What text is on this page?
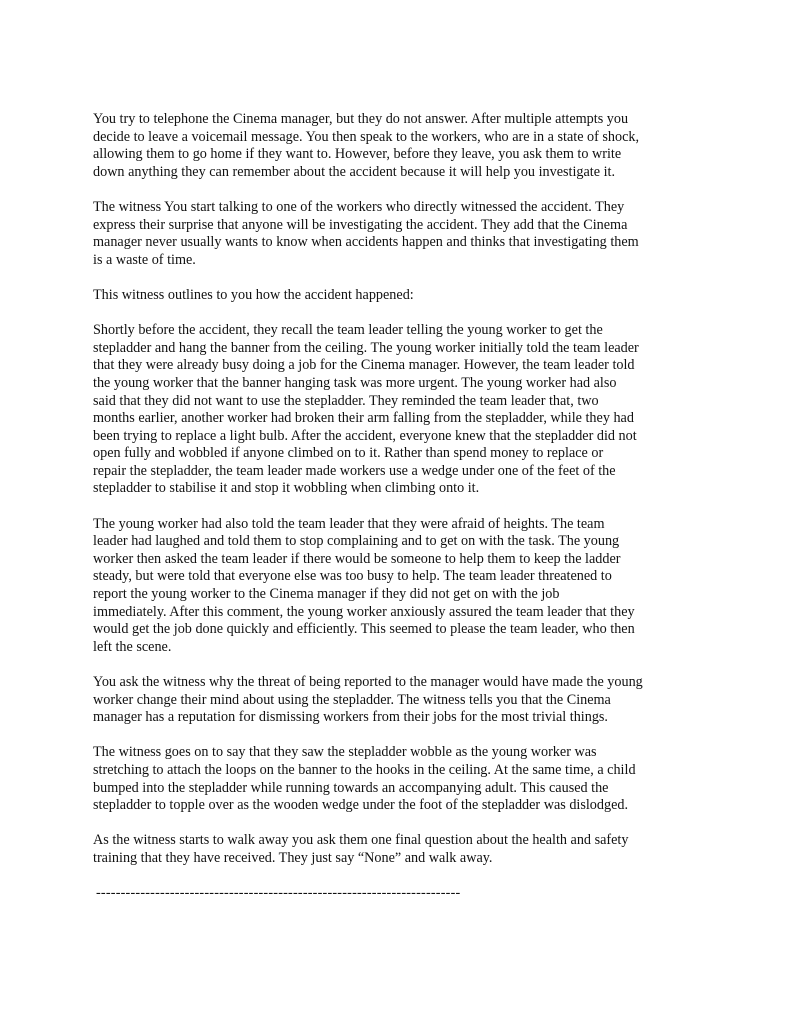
You try to telephone the Cinema manager, but they do not answer. After multiple attempts you
decide to leave a voicemail message. You then speak to the workers, who are in a state of shock,
allowing them to go home if they want to. However, before they leave, you ask them to write
down anything they can remember about the accident because it will help you investigate it.

The witness You start talking to one of the workers who directly witnessed the accident. They
express their surprise that anyone will be investigating the accident. They add that the Cinema
manager never usually wants to know when accidents happen and thinks that investigating them
is a waste of time.

This witness outlines to you how the accident happened:

Shortly before the accident, they recall the team leader telling the young worker to get the
stepladder and hang the banner from the ceiling. The young worker initially told the team leader
that they were already busy doing a job for the Cinema manager. However, the team leader told
the young worker that the banner hanging task was more urgent. The young worker had also
said that they did not want to use the stepladder. They reminded the team leader that, two
months earlier, another worker had broken their arm falling from the stepladder, while they had
been trying to replace a light bulb. After the accident, everyone knew that the stepladder did not
open fully and wobbled if anyone climbed on to it. Rather than spend money to replace or
repair the stepladder, the team leader made workers use a wedge under one of the feet of the
stepladder to stabilise it and stop it wobbling when climbing onto it.

The young worker had also told the team leader that they were afraid of heights. The team
leader had laughed and told them to stop complaining and to get on with the task. The young
worker then asked the team leader if there would be someone to help them to keep the ladder
steady, but were told that everyone else was too busy to help. The team leader threatened to
report the young worker to the Cinema manager if they did not get on with the job
immediately. After this comment, the young worker anxiously assured the team leader that they
would get the job done quickly and efficiently. This seemed to please the team leader, who then
left the scene.

You ask the witness why the threat of being reported to the manager would have made the young
worker change their mind about using the stepladder. The witness tells you that the Cinema
manager has a reputation for dismissing workers from their jobs for the most trivial things.

The witness goes on to say that they saw the stepladder wobble as the young worker was
stretching to attach the loops on the banner to the hooks in the ceiling. At the same time, a child
bumped into the stepladder while running towards an accompanying adult. This caused the
stepladder to topple over as the wooden wedge under the foot of the stepladder was dislodged.

As the witness starts to walk away you ask them one final question about the health and safety
training that they have received. They just say “None” and walk away.

--------------------------------------------------------------------------
